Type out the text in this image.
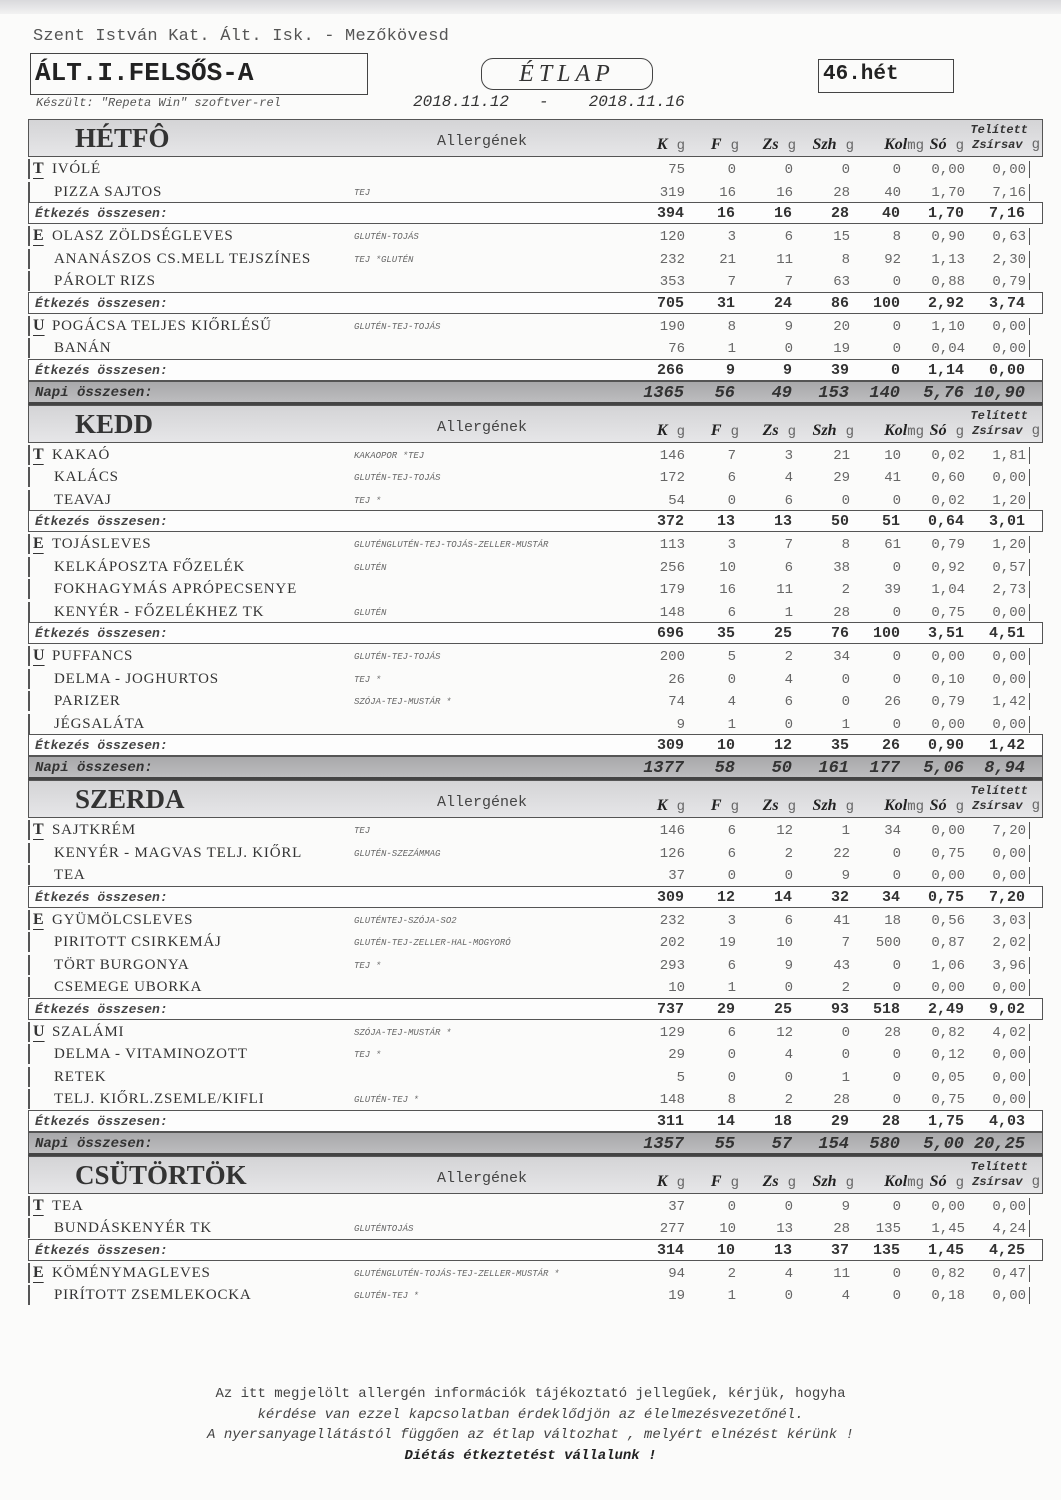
Szent István Kat. Ált. Isk. - Mezőkövesd
ÁLT.I.FELSŐS-A	ÉTLAP	46.hét
Készült: "Repeta Win" szoftver-rel	2018.11.12 -	2018.11.16
HÉTFÔ	Allergének	K g F g Zs g Szh g Kolmg Só g
Telített
Zsírsav g
T IVÓLÉ	75	0	0	0	0	0,00	0,00
PIZZA SAJTOS	TEJ	319	16	16	28	40	1,70	7,16
Étkezés összesen:	394	16	16	28	40	1,70	7,16
E OLASZ ZÖLDSÉGLEVES	GLUTÉN-TOJÁS	120	3	6	15	8	0,90	0,63
ANANÁSZOS CS.MELL TEJSZÍNES	TEJ *GLUTÉN	232	21	11	8	92	1,13	2,30
PÁROLT RIZS	353	7	7	63	0	0,88	0,79
Étkezés összesen:	705	31	24	86	100	2,92	3,74
U POGÁCSA TELJES KIŐRLÉSŰ	GLUTÉN-TEJ-TOJÁS	190	8	9	20	0	1,10	0,00
BANÁN	76	1	0	19	0	0,04	0,00
Étkezés összesen:	266	9	9	39	0	1,14	0,00
Napi összesen:	1365	56	49	153	140	5,76 10,90
KEDD	Allergének	K g F g Zs g Szh g Kolmg Só g
Telített
Zsírsav g
T KAKAÓ	KAKAOPOR *TEJ	146	7	3	21	10	0,02	1,81
KALÁCS	GLUTÉN-TEJ-TOJÁS	172	6	4	29	41	0,60	0,00
TEAVAJ	TEJ *	54	0	6	0	0	0,02	1,20
Étkezés összesen:	372	13	13	50	51	0,64	3,01
E TOJÁSLEVES	GLUTÉNGLUTÉN-TEJ-TOJÁS-ZELLER-MUSTÁR	113	3	7	8	61	0,79	1,20
KELKÁPOSZTA FŐZELÉK	GLUTÉN	256	10	6	38	0	0,92	0,57
FOKHAGYMÁS APRÓPECSENYE	179	16	11	2	39	1,04	2,73
KENYÉR - FŐZELÉKHEZ TK	GLUTÉN	148	6	1	28	0	0,75	0,00
Étkezés összesen:	696	35	25	76	100	3,51	4,51
U PUFFANCS	GLUTÉN-TEJ-TOJÁS	200	5	2	34	0	0,00	0,00
DELMA - JOGHURTOS	TEJ *	26	0	4	0	0	0,10	0,00
PARIZER	SZÓJA-TEJ-MUSTÁR *	74	4	6	0	26	0,79	1,42
JÉGSALÁTA	9	1	0	1	0	0,00	0,00
Étkezés összesen:	309	10	12	35	26	0,90	1,42
Napi összesen:	1377	58	50	161	177	5,06	8,94
SZERDA	Allergének	K g F g Zs g Szh g Kolmg Só g
Telített
Zsírsav g
T SAJTKRÉM	TEJ	146	6	12	1	34	0,00	7,20
KENYÉR - MAGVAS TELJ. KIŐRL	GLUTÉN-SZEZÁMMAG	126	6	2	22	0	0,75	0,00
TEA	37	0	0	9	0	0,00	0,00
Étkezés összesen:	309	12	14	32	34	0,75	7,20
E GYÜMÖLCSLEVES	GLUTÉNTEJ-SZÓJA-SO2	232	3	6	41	18	0,56	3,03
PIRITOTT CSIRKEMÁJ	GLUTÉN-TEJ-ZELLER-HAL-MOGYORÓ	202	19	10	7	500	0,87	2,02
TÖRT BURGONYA	TEJ *	293	6	9	43	0	1,06	3,96
CSEMEGE UBORKA	10	1	0	2	0	0,00	0,00
Étkezés összesen:	737	29	25	93	518	2,49	9,02
U SZALÁMI	SZÓJA-TEJ-MUSTÁR *	129	6	12	0	28	0,82	4,02
DELMA - VITAMINOZOTT	TEJ *	29	0	4	0	0	0,12	0,00
RETEK	5	0	0	1	0	0,05	0,00
TELJ. KIŐRL.ZSEMLE/KIFLI	GLUTÉN-TEJ *	148	8	2	28	0	0,75	0,00
Étkezés összesen:	311	14	18	29	28	1,75	4,03
Napi összesen:	1357	55	57	154	580	5,00 20,25
CSÜTÖRTÖK	Allergének	K g F g Zs g Szh g Kolmg Só g
Telített
Zsírsav g
T TEA	37	0	0	9	0	0,00	0,00
BUNDÁSKENYÉR TK	GLUTÉNTOJÁS	277	10	13	28	135	1,45	4,24
Étkezés összesen:	314	10	13	37	135	1,45	4,25
E KÖMÉNYMAGLEVES	GLUTÉNGLUTÉN-TOJÁS-TEJ-ZELLER-MUSTÁR *	94	2	4	11	0	0,82	0,47
PIRÍTOTT ZSEMLEKOCKA	GLUTÉN-TEJ *	19	1	0	4	0	0,18	0,00
Az itt megjelölt allergén információk tájékoztató jellegűek, kérjük, hogyha
kérdése van ezzel kapcsolatban érdeklődjön az élelmezésvezetőnél.
A nyersanyagellátástól függően az étlap változhat , melyért elnézést kérünk !
Diétás étkeztetést vállalunk !
